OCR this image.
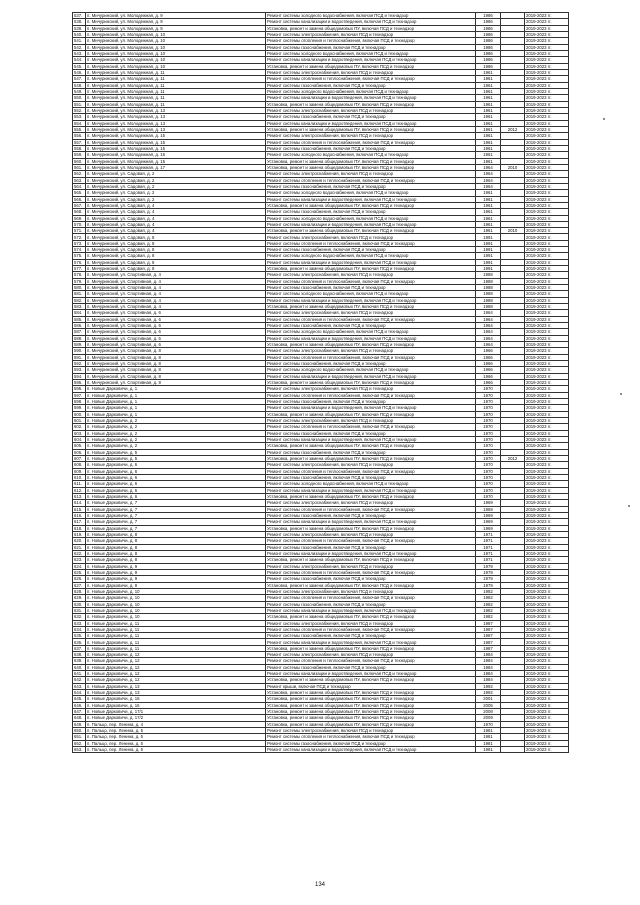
537.	п. Мичуринский, ул. Молодежная, д. 9	Ремонт системы холодного водоснабжения, включая ПСД и технадзор	1986		2019-2023 гг.
538.	п. Мичуринский, ул. Молодежная, д. 9	Ремонт системы канализации и водоотведения, включая ПСД и технадзор	1986		2019-2023 гг.
539.	п. Мичуринский, ул. Молодежная, д. 9	Установка, ремонт и замена общедомовых ПУ, включая ПСД и технадзор	1986		2019-2023 гг.
540.	п. Мичуринский, ул. Молодежная, д. 10	Ремонт системы электроснабжения, включая ПСД и технадзор	1986		2019-2023 гг.
541.	п. Мичуринский, ул. Молодежная, д. 10	Ремонт системы отопления и теплоснабжения, включая ПСД и технадзор	1986		2019-2023 гг.
542.	п. Мичуринский, ул. Молодежная, д. 10	Ремонт системы газоснабжения, включая ПСД и технадзор	1986		2019-2023 гг.
543.	п. Мичуринский, ул. Молодежная, д. 10	Ремонт системы холодного водоснабжения, включая ПСД и технадзор	1986		2019-2023 гг.
544.	п. Мичуринский, ул. Молодежная, д. 10	Ремонт системы канализации и водоотведения, включая ПСД и технадзор	1986		2019-2023 гг.
545.	п. Мичуринский, ул. Молодежная, д. 10	Установка, ремонт и замена общедомовых ПУ, включая ПСД и технадзор	1986		2019-2023 гг.
546.	п. Мичуринский, ул. Молодежная, д. 11	Ремонт системы электроснабжения, включая ПСД и технадзор	1961		2019-2023 гг.
547.	п. Мичуринский, ул. Молодежная, д. 11	Ремонт системы отопления и теплоснабжения, включая ПСД и технадзор	1961		2019-2023 гг.
548.	п. Мичуринский, ул. Молодежная, д. 11	Ремонт системы газоснабжения, включая ПСД и технадзор	1961		2019-2023 гг.
549.	п. Мичуринский, ул. Молодежная, д. 11	Ремонт системы холодного водоснабжения, включая ПСД и технадзор	1961		2019-2023 гг.
550.	п. Мичуринский, ул. Молодежная, д. 11	Ремонт системы канализации и водоотведения, включая ПСД и технадзор	1961		2019-2023 гг.
551.	п. Мичуринский, ул. Молодежная, д. 11	Установка, ремонт и замена общедомовых ПУ, включая ПСД и технадзор	1961		2019-2023 гг.
552.	п. Мичуринский, ул. Молодежная, д. 13	Ремонт системы электроснабжения, включая ПСД и технадзор	1961		2019-2023 гг.
553.	п. Мичуринский, ул. Молодежная, д. 13	Ремонт системы газоснабжения, включая ПСД и технадзор	1961		2019-2023 гг.
554.	п. Мичуринский, ул. Молодежная, д. 13	Ремонт системы канализации и водоотведения, включая ПСД и технадзор	1961		2019-2023 гг.
555.	п. Мичуринский, ул. Молодежная, д. 13	Установка, ремонт и замена общедомовых ПУ, включая ПСД и технадзор	1961	2012	2019-2023 гг.
556.	п. Мичуринский, ул. Молодежная, д. 15	Ремонт системы электроснабжения, включая ПСД и технадзор	1961		2019-2023 гг.
557.	п. Мичуринский, ул. Молодежная, д. 15	Ремонт системы отопления и теплоснабжения, включая ПСД и технадзор	1961		2019-2023 гг.
558.	п. Мичуринский, ул. Молодежная, д. 15	Ремонт системы газоснабжения, включая ПСД и технадзор	1961		2019-2023 гг.
559.	п. Мичуринский, ул. Молодежная, д. 15	Ремонт системы холодного водоснабжения, включая ПСД и технадзор	1961		2019-2023 гг.
560.	п. Мичуринский, ул. Молодежная, д. 15	Установка, ремонт и замена общедомовых ПУ, включая ПСД и технадзор	1961		2019-2023 гг.
561.	п. Мичуринский, ул. Молодежная, д. 17	Установка, ремонт и замена общедомовых ПУ, включая ПСД и технадзор	1964	2010	2019-2023 гг.
562.	п. Мичуринский, ул. Садовая, д. 2	Ремонт системы электроснабжения, включая ПСД и технадзор	1964		2019-2023 гг.
563.	п. Мичуринский, ул. Садовая, д. 2	Ремонт системы отопления и теплоснабжения, включая ПСД и технадзор	1964		2019-2023 гг.
564.	п. Мичуринский, ул. Садовая, д. 2	Ремонт системы газоснабжения, включая ПСД и технадзор	1964		2019-2023 гг.
565.	п. Мичуринский, ул. Садовая, д. 2	Ремонт системы холодного водоснабжения, включая ПСД и технадзор	1961		2019-2023 гг.
566.	п. Мичуринский, ул. Садовая, д. 2	Ремонт системы канализации и водоотведения, включая ПСД и технадзор	1961		2019-2023 гг.
567.	п. Мичуринский, ул. Садовая, д. 4	Установка, ремонт и замена общедомовых ПУ, включая ПСД и технадзор	1961		2019-2023 гг.
568.	п. Мичуринский, ул. Садовая, д. 4	Ремонт системы газоснабжения, включая ПСД и технадзор	1961		2019-2023 гг.
569.	п. Мичуринский, ул. Садовая, д. 4	Ремонт системы холодного водоснабжения, включая ПСД и технадзор	1961		2019-2023 гг.
570.	п. Мичуринский, ул. Садовая, д. 4	Ремонт системы канализации и водоотведения, включая ПСД и технадзор	1961		2019-2023 гг.
571.	п. Мичуринский, ул. Садовая, д. 4	Установка, ремонт и замена общедомовых ПУ, включая ПСД и технадзор	1961	2010	2019-2023 гг.
572.	п. Мичуринский, ул. Садовая, д. 8	Ремонт системы электроснабжения, включая ПСД и технадзор	1991		2019-2023 гг.
573.	п. Мичуринский, ул. Садовая, д. 8	Ремонт системы отопления и теплоснабжения, включая ПСД и технадзор	1991		2019-2023 гг.
574.	п. Мичуринский, ул. Садовая, д. 8	Ремонт системы газоснабжения, включая ПСД и технадзор	1991		2019-2023 гг.
575.	п. Мичуринский, ул. Садовая, д. 8	Ремонт системы холодного водоснабжения, включая ПСД и технадзор	1991		2019-2023 гг.
576.	п. Мичуринский, ул. Садовая, д. 8	Ремонт системы канализации и водоотведения, включая ПСД и технадзор	1991		2019-2023 гг.
577.	п. Мичуринский, ул. Садовая, д. 8	Установка, ремонт и замена общедомовых ПУ, включая ПСД и технадзор	1991		2019-2023 гг.
578.	п. Мичуринский, ул. Спортивная, д. 4	Ремонт системы электроснабжения, включая ПСД и технадзор	1988		2019-2023 гг.
579.	п. Мичуринский, ул. Спортивная, д. 4	Ремонт системы отопления и теплоснабжения, включая ПСД и технадзор	1988		2019-2023 гг.
580.	п. Мичуринский, ул. Спортивная, д. 4	Ремонт системы газоснабжения, включая ПСД и технадзор	1988		2019-2023 гг.
581.	п. Мичуринский, ул. Спортивная, д. 4	Ремонт системы холодного водоснабжения, включая ПСД и технадзор	1988		2019-2023 гг.
582.	п. Мичуринский, ул. Спортивная, д. 4	Ремонт системы канализации и водоотведения, включая ПСД и технадзор	1988		2019-2023 гг.
583.	п. Мичуринский, ул. Спортивная, д. 4	Установка, ремонт и замена общедомовых ПУ, включая ПСД и технадзор	1988		2019-2023 гг.
584.	п. Мичуринский, ул. Спортивная, д. 6	Ремонт системы электроснабжения, включая ПСД и технадзор	1964		2019-2023 гг.
585.	п. Мичуринский, ул. Спортивная, д. 6	Ремонт системы отопления и теплоснабжения, включая ПСД и технадзор	1964		2019-2023 гг.
586.	п. Мичуринский, ул. Спортивная, д. 6	Ремонт системы газоснабжения, включая ПСД и технадзор	1964		2019-2023 гг.
587.	п. Мичуринский, ул. Спортивная, д. 6	Ремонт системы холодного водоснабжения, включая ПСД и технадзор	1964		2019-2023 гг.
588.	п. Мичуринский, ул. Спортивная, д. 6	Ремонт системы канализации и водоотведения, включая ПСД и технадзор	1964		2019-2023 гг.
589.	п. Мичуринский, ул. Спортивная, д. 6	Установка, ремонт и замена общедомовых ПУ, включая ПСД и технадзор	1964		2019-2023 гг.
590.	п. Мичуринский, ул. Спортивная, д. 8	Ремонт системы электроснабжения, включая ПСД и технадзор	1966		2019-2023 гг.
591.	п. Мичуринский, ул. Спортивная, д. 8	Ремонт системы отопления и теплоснабжения, включая ПСД и технадзор	1966		2019-2023 гг.
592.	п. Мичуринский, ул. Спортивная, д. 8	Ремонт системы газоснабжения, включая ПСД и технадзор	1966		2019-2023 гг.
593.	п. Мичуринский, ул. Спортивная, д. 8	Ремонт системы холодного водоснабжения, включая ПСД и технадзор	1966		2019-2023 гг.
594.	п. Мичуринский, ул. Спортивная, д. 8	Ремонт системы канализации и водоотведения, включая ПСД и технадзор	1966		2019-2023 гг.
595.	п. Мичуринский, ул. Спортивная, д. 8	Установка, ремонт и замена общедомовых ПУ, включая ПСД и технадзор	1966		2019-2023 гг.
596.	п. Новые Дарковичи, д. 1	Ремонт системы электроснабжения, включая ПСД и технадзор	1970		2019-2023 гг.
597.	п. Новые Дарковичи, д. 1	Ремонт системы отопления и теплоснабжения, включая ПСД и технадзор	1970		2019-2023 гг.
598.	п. Новые Дарковичи, д. 1	Ремонт системы газоснабжения, включая ПСД и технадзор	1970		2019-2023 гг.
599.	п. Новые Дарковичи, д. 1	Ремонт системы канализации и водоотведения, включая ПСД и технадзор	1970		2019-2023 гг.
600.	п. Новые Дарковичи, д. 1	Установка, ремонт и замена общедомовых ПУ, включая ПСД и технадзор	1970		2019-2023 гг.
601.	п. Новые Дарковичи, д. 2	Ремонт системы электроснабжения, включая ПСД и технадзор	1970		2019-2023 гг.
602.	п. Новые Дарковичи, д. 2	Ремонт системы отопления и теплоснабжения, включая ПСД и технадзор	1970		2019-2023 гг.
603.	п. Новые Дарковичи, д. 2	Ремонт системы газоснабжения, включая ПСД и технадзор	1970		2019-2023 гг.
604.	п. Новые Дарковичи, д. 2	Ремонт системы канализации и водоотведения, включая ПСД и технадзор	1970		2019-2023 гг.
605.	п. Новые Дарковичи, д. 2	Установка, ремонт и замена общедомовых ПУ, включая ПСД и технадзор	1970		2019-2023 гг.
606.	п. Новые Дарковичи, д. 5	Ремонт системы газоснабжения, включая ПСД и технадзор	1970		2019-2023 гг.
607.	п. Новые Дарковичи, д. 5	Установка, ремонт и замена общедомовых ПУ, включая ПСД и технадзор	1970	2012	2019-2023 гг.
608.	п. Новые Дарковичи, д. 6	Ремонт системы электроснабжения, включая ПСД и технадзор	1970		2019-2023 гг.
609.	п. Новые Дарковичи, д. 6	Ремонт системы отопления и теплоснабжения, включая ПСД и технадзор	1970		2019-2023 гг.
610.	п. Новые Дарковичи, д. 6	Ремонт системы газоснабжения, включая ПСД и технадзор	1970		2019-2023 гг.
611.	п. Новые Дарковичи, д. 6	Ремонт системы холодного водоснабжения, включая ПСД и технадзор	1970		2019-2023 гг.
612.	п. Новые Дарковичи, д. 6	Ремонт системы канализации и водоотведения, включая ПСД и технадзор	1970		2019-2023 гг.
613.	п. Новые Дарковичи, д. 6	Установка, ремонт и замена общедомовых ПУ, включая ПСД и технадзор	1970		2019-2023 гг.
614.	п. Новые Дарковичи, д. 7	Ремонт системы электроснабжения, включая ПСД и технадзор	1969		2019-2023 гг.
615.	п. Новые Дарковичи, д. 7	Ремонт системы отопления и теплоснабжения, включая ПСД и технадзор	1969		2019-2023 гг.
616.	п. Новые Дарковичи, д. 7	Ремонт системы газоснабжения, включая ПСД и технадзор	1969		2019-2023 гг.
617.	п. Новые Дарковичи, д. 7	Ремонт системы канализации и водоотведения, включая ПСД и технадзор	1969		2019-2023 гг.
618.	п. Новые Дарковичи, д. 7	Установка, ремонт и замена общедомовых ПУ, включая ПСД и технадзор	1969		2019-2023 гг.
619.	п. Новые Дарковичи, д. 8	Ремонт системы электроснабжения, включая ПСД и технадзор	1971		2019-2023 гг.
620.	п. Новые Дарковичи, д. 8	Ремонт системы отопления и теплоснабжения, включая ПСД и технадзор	1971		2019-2023 гг.
621.	п. Новые Дарковичи, д. 8	Ремонт системы газоснабжения, включая ПСД и технадзор	1971		2019-2023 гг.
622.	п. Новые Дарковичи, д. 8	Ремонт системы канализации и водоотведения, включая ПСД и технадзор	1971		2019-2023 гг.
623.	п. Новые Дарковичи, д. 8	Установка, ремонт и замена общедомовых ПУ, включая ПСД и технадзор	1971		2019-2023 гг.
624.	п. Новые Дарковичи, д. 9	Ремонт системы электроснабжения, включая ПСД и технадзор	1979		2019-2023 гг.
625.	п. Новые Дарковичи, д. 9	Ремонт системы отопления и теплоснабжения, включая ПСД и технадзор	1979		2019-2023 гг.
626.	п. Новые Дарковичи, д. 9	Ремонт системы газоснабжения, включая ПСД и технадзор	1979		2019-2023 гг.
627.	п. Новые Дарковичи, д. 9	Установка, ремонт и замена общедомовых ПУ, включая ПСД и технадзор	1979		2019-2023 гг.
628.	п. Новые Дарковичи, д. 10	Ремонт системы электроснабжения, включая ПСД и технадзор	1982		2019-2023 гг.
629.	п. Новые Дарковичи, д. 10	Ремонт системы отопления и теплоснабжения, включая ПСД и технадзор	1982		2019-2023 гг.
630.	п. Новые Дарковичи, д. 10	Ремонт системы газоснабжения, включая ПСД и технадзор	1982		2019-2023 гг.
631.	п. Новые Дарковичи, д. 10	Ремонт системы канализации и водоотведения, включая ПСД и технадзор	1982		2019-2023 гг.
632.	п. Новые Дарковичи, д. 10	Установка, ремонт и замена общедомовых ПУ, включая ПСД и технадзор	1982		2019-2023 гг.
633.	п. Новые Дарковичи, д. 11	Ремонт системы электроснабжения, включая ПСД и технадзор	1987		2019-2023 гг.
634.	п. Новые Дарковичи, д. 11	Ремонт системы отопления и теплоснабжения, включая ПСД и технадзор	1987		2019-2023 гг.
635.	п. Новые Дарковичи, д. 11	Ремонт системы газоснабжения, включая ПСД и технадзор	1987		2019-2023 гг.
636.	п. Новые Дарковичи, д. 11	Ремонт системы канализации и водоотведения, включая ПСД и технадзор	1987		2019-2023 гг.
637.	п. Новые Дарковичи, д. 11	Установка, ремонт и замена общедомовых ПУ, включая ПСД и технадзор	1987		2019-2023 гг.
638.	п. Новые Дарковичи, д. 12	Ремонт системы электроснабжения, включая ПСД и технадзор	1984		2019-2023 гг.
639.	п. Новые Дарковичи, д. 12	Ремонт системы отопления и теплоснабжения, включая ПСД и технадзор	1984		2019-2023 гг.
640.	п. Новые Дарковичи, д. 12	Ремонт системы газоснабжения, включая ПСД и технадзор	1984		2019-2023 гг.
641.	п. Новые Дарковичи, д. 12	Ремонт системы канализации и водоотведения, включая ПСД и технадзор	1984		2019-2023 гг.
642.	п. Новые Дарковичи, д. 12	Установка, ремонт и замена общедомовых ПУ, включая ПСД и технадзор	1984		2019-2023 гг.
643.	п. Новые Дарковичи, д. 13	Ремонт крыши, включая ПСД и технадзор	1992		2019-2023 гг.
644.	п. Новые Дарковичи, д. 13	Установка, ремонт и замена общедомовых ПУ, включая ПСД и технадзор	1992		2019-2023 гг.
645.	п. Новые Дарковичи, д. 15	Установка, ремонт и замена общедомовых ПУ, включая ПСД и технадзор	2001		2019-2023 гг.
646.	п. Новые Дарковичи, д. 16	Установка, ремонт и замена общедомовых ПУ, включая ПСД и технадзор	2005		2019-2023 гг.
647.	п. Новые Дарковичи, д. 17/1	Установка, ремонт и замена общедомовых ПУ, включая ПСД и технадзор	2008		2019-2023 гг.
648.	п. Новые Дарковичи, д. 17/2	Установка, ремонт и замена общедомовых ПУ, включая ПСД и технадзор	2009		2019-2023 гг.
649.	п. Пальцо, пер. Ленина, д. 4	Установка, ремонт и замена общедомовых ПУ, включая ПСД и технадзор	1970		2019-2023 гг.
650.	п. Пальцо, пер. Ленина, д. 5	Ремонт системы электроснабжения, включая ПСД и технадзор	1981		2019-2023 гг.
651.	п. Пальцо, пер. Ленина, д. 5	Ремонт системы отопления и теплоснабжения, включая ПСД и технадзор	1981		2019-2023 гг.
652.	п. Пальцо, пер. Ленина, д. 5	Ремонт системы газоснабжения, включая ПСД и технадзор	1981		2019-2023 гг.
653.	п. Пальцо, пер. Ленина, д. 5	Ремонт системы канализации и водоотведения, включая ПСД и технадзор	1981		2019-2023 гг.
134
